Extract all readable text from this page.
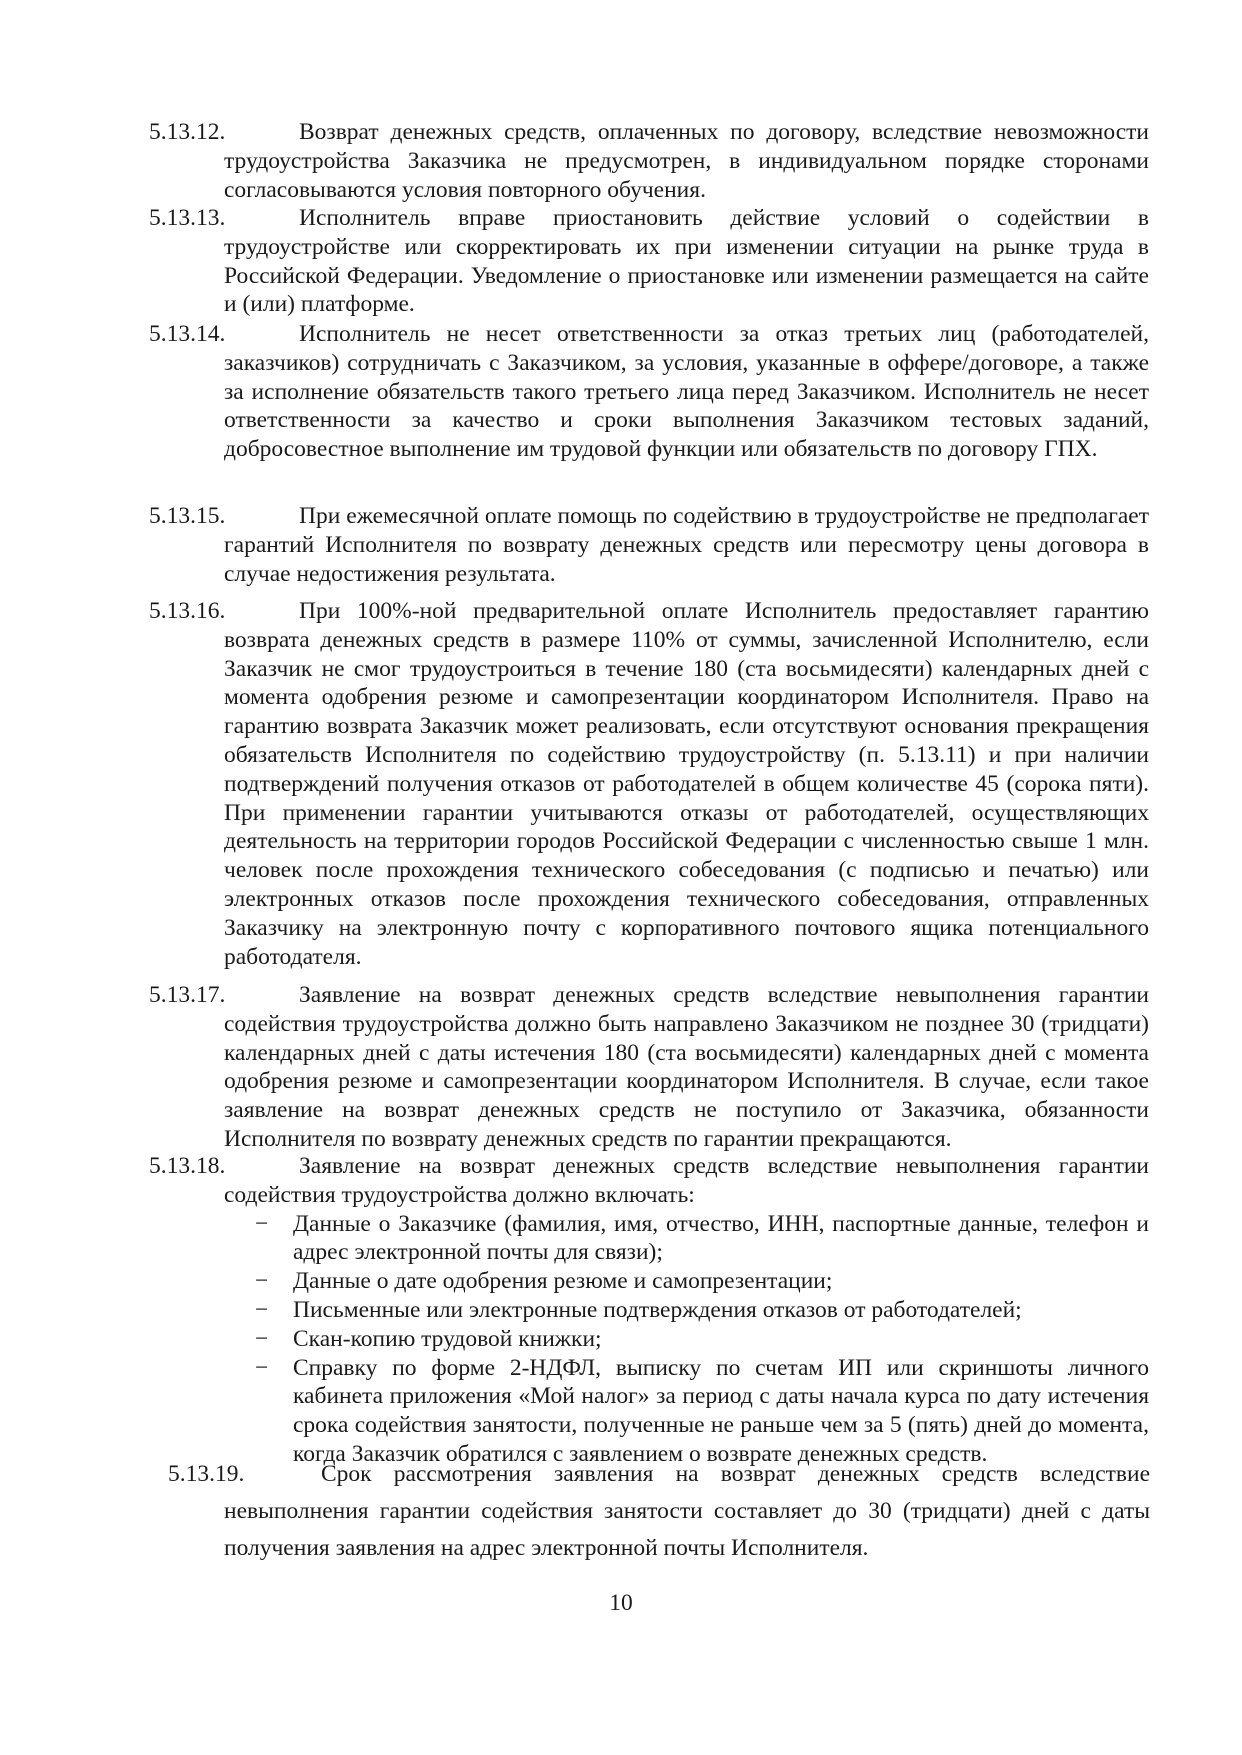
5.13.12.	Возврат денежных средств, оплаченных по договору, вследствие невозможности трудоустройства Заказчика не предусмотрен, в индивидуальном порядке сторонами согласовываются условия повторного обучения.
5.13.13.	Исполнитель вправе приостановить действие условий о содействии в трудоустройстве или скорректировать их при изменении ситуации на рынке труда в Российской Федерации. Уведомление о приостановке или изменении размещается на сайте и (или) платформе.
5.13.14.	Исполнитель не несет ответственности за отказ третьих лиц (работодателей, заказчиков) сотрудничать с Заказчиком, за условия, указанные в оффере/договоре, а также за исполнение обязательств такого третьего лица перед Заказчиком. Исполнитель не несет ответственности за качество и сроки выполнения Заказчиком тестовых заданий, добросовестное выполнение им трудовой функции или обязательств по договору ГПХ.
5.13.15.	При ежемесячной оплате помощь по содействию в трудоустройстве не предполагает гарантий Исполнителя по возврату денежных средств или пересмотру цены договора в случае недостижения результата.
5.13.16.	При 100%-ной предварительной оплате Исполнитель предоставляет гарантию возврата денежных средств в размере 110% от суммы, зачисленной Исполнителю, если Заказчик не смог трудоустроиться в течение 180 (ста восьмидесяти) календарных дней с момента одобрения резюме и самопрезентации координатором Исполнителя. Право на гарантию возврата Заказчик может реализовать, если отсутствуют основания прекращения обязательств Исполнителя по содействию трудоустройству (п. 5.13.11) и при наличии подтверждений получения отказов от работодателей в общем количестве 45 (сорока пяти). При применении гарантии учитываются отказы от работодателей, осуществляющих деятельность на территории городов Российской Федерации с численностью свыше 1 млн. человек после прохождения технического собеседования (с подписью и печатью) или электронных отказов после прохождения технического собеседования, отправленных Заказчику на электронную почту с корпоративного почтового ящика потенциального работодателя.
5.13.17.	Заявление на возврат денежных средств вследствие невыполнения гарантии содействия трудоустройства должно быть направлено Заказчиком не позднее 30 (тридцати) календарных дней с даты истечения 180 (ста восьмидесяти) календарных дней с момента одобрения резюме и самопрезентации координатором Исполнителя. В случае, если такое заявление на возврат денежных средств не поступило от Заказчика, обязанности Исполнителя по возврату денежных средств по гарантии прекращаются.
5.13.18.	Заявление на возврат денежных средств вследствие невыполнения гарантии содействия трудоустройства должно включать:
− Данные о Заказчике (фамилия, имя, отчество, ИНН, паспортные данные, телефон и адрес электронной почты для связи);
− Данные о дате одобрения резюме и самопрезентации;
− Письменные или электронные подтверждения отказов от работодателей;
− Скан-копию трудовой книжки;
− Справку по форме 2-НДФЛ, выписку по счетам ИП или скриншоты личного кабинета приложения «Мой налог» за период с даты начала курса по дату истечения срока содействия занятости, полученные не раньше чем за 5 (пять) дней до момента, когда Заказчик обратился с заявлением о возврате денежных средств.
5.13.19.	Срок рассмотрения заявления на возврат денежных средств вследствие невыполнения гарантии содействия занятости составляет до 30 (тридцати) дней с даты получения заявления на адрес электронной почты Исполнителя.
10
